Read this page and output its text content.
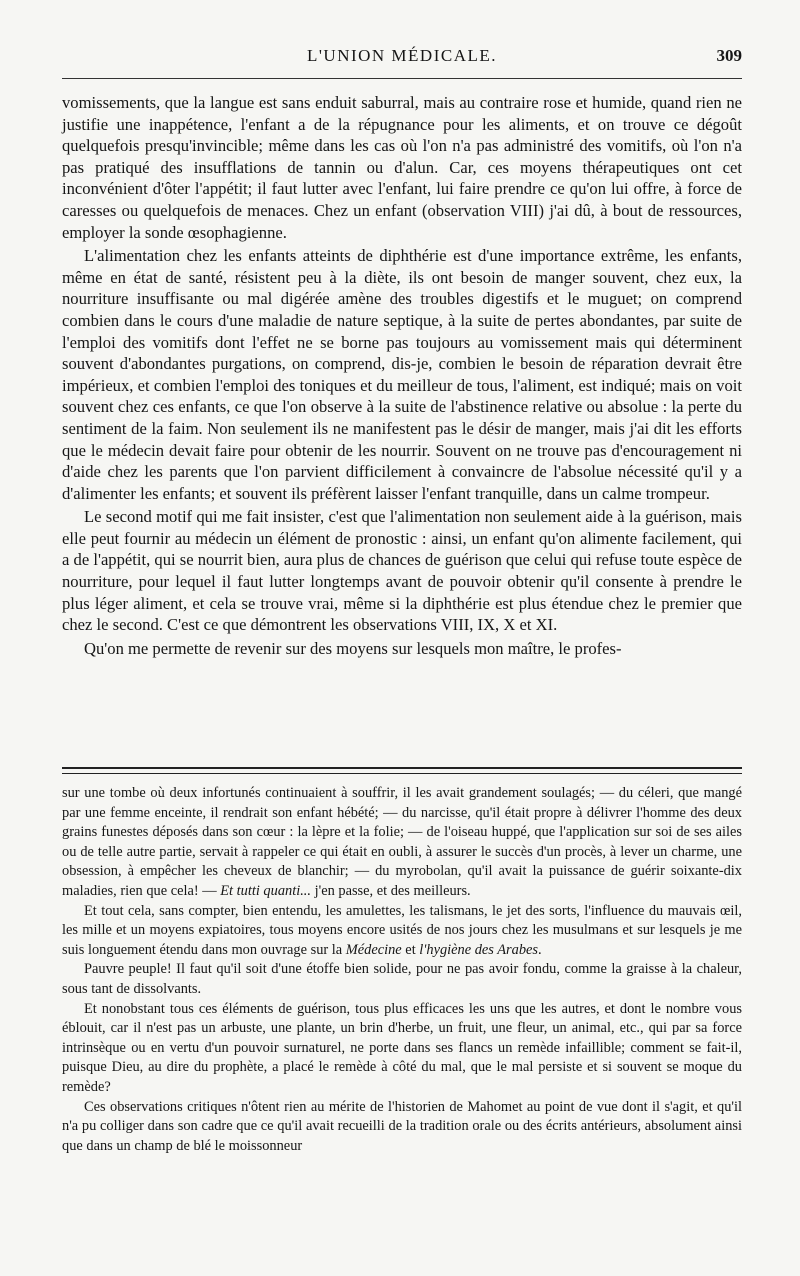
L'UNION MÉDICALE.	309

vomissements, que la langue est sans enduit saburral, mais au contraire rose et humide, quand rien ne justifie une inappétence, l'enfant a de la répugnance pour les aliments, et on trouve ce dégoût quelquefois presqu'invincible; même dans les cas où l'on n'a pas administré des vomitifs, où l'on n'a pas pratiqué des insufflations de tannin ou d'alun. Car, ces moyens thérapeutiques ont cet inconvénient d'ôter l'appétit; il faut lutter avec l'enfant, lui faire prendre ce qu'on lui offre, à force de caresses ou quelquefois de menaces. Chez un enfant (observation VIII) j'ai dû, à bout de ressources, employer la sonde œsophagienne.

L'alimentation chez les enfants atteints de diphthérie est d'une importance extrême, les enfants, même en état de santé, résistent peu à la diète, ils ont besoin de manger souvent, chez eux, la nourriture insuffisante ou mal digérée amène des troubles digestifs et le muguet; on comprend combien dans le cours d'une maladie de nature septique, à la suite de pertes abondantes, par suite de l'emploi des vomitifs dont l'effet ne se borne pas toujours au vomissement mais qui déterminent souvent d'abondantes purgations, on comprend, dis-je, combien le besoin de réparation devrait être impérieux, et combien l'emploi des toniques et du meilleur de tous, l'aliment, est indiqué; mais on voit souvent chez ces enfants, ce que l'on observe à la suite de l'abstinence relative ou absolue : la perte du sentiment de la faim. Non seulement ils ne manifestent pas le désir de manger, mais j'ai dit les efforts que le médecin devait faire pour obtenir de les nourrir. Souvent on ne trouve pas d'encouragement ni d'aide chez les parents que l'on parvient difficilement à convaincre de l'absolue nécessité qu'il y a d'alimenter les enfants; et souvent ils préfèrent laisser l'enfant tranquille, dans un calme trompeur.

Le second motif qui me fait insister, c'est que l'alimentation non seulement aide à la guérison, mais elle peut fournir au médecin un élément de pronostic : ainsi, un enfant qu'on alimente facilement, qui a de l'appétit, qui se nourrit bien, aura plus de chances de guérison que celui qui refuse toute espèce de nourriture, pour lequel il faut lutter longtemps avant de pouvoir obtenir qu'il consente à prendre le plus léger aliment, et cela se trouve vrai, même si la diphthérie est plus étendue chez le premier que chez le second. C'est ce que démontrent les observations VIII, IX, X et XI.

Qu'on me permette de revenir sur des moyens sur lesquels mon maître, le profes-

sur une tombe où deux infortunés continuaient à souffrir, il les avait grandement soulagés; — du céleri, que mangé par une femme enceinte, il rendrait son enfant hébété; — du narcisse, qu'il était propre à délivrer l'homme des deux grains funestes déposés dans son cœur : la lèpre et la folie; — de l'oiseau huppé, que l'application sur soi de ses ailes ou de telle autre partie, servait à rappeler ce qui était en oubli, à assurer le succès d'un procès, à lever un charme, une obsession, à empêcher les cheveux de blanchir; — du myrobolan, qu'il avait la puissance de guérir soixante-dix maladies, rien que cela! — Et tutti quanti... j'en passe, et des meilleurs.

Et tout cela, sans compter, bien entendu, les amulettes, les talismans, le jet des sorts, l'influence du mauvais œil, les mille et un moyens expiatoires, tous moyens encore usités de nos jours chez les musulmans et sur lesquels je me suis longuement étendu dans mon ouvrage sur la Médecine et l'hygiène des Arabes.

Pauvre peuple! Il faut qu'il soit d'une étoffe bien solide, pour ne pas avoir fondu, comme la graisse à la chaleur, sous tant de dissolvants.

Et nonobstant tous ces éléments de guérison, tous plus efficaces les uns que les autres, et dont le nombre vous éblouit, car il n'est pas un arbuste, une plante, un brin d'herbe, un fruit, une fleur, un animal, etc., qui par sa force intrinsèque ou en vertu d'un pouvoir surnaturel, ne porte dans ses flancs un remède infaillible; comment se fait-il, puisque Dieu, au dire du prophète, a placé le remède à côté du mal, que le mal persiste et si souvent se moque du remède?

Ces observations critiques n'ôtent rien au mérite de l'historien de Mahomet au point de vue dont il s'agit, et qu'il n'a pu colliger dans son cadre que ce qu'il avait recueilli de la tradition orale ou des écrits antérieurs, absolument ainsi que dans un champ de blé le moissonneur
